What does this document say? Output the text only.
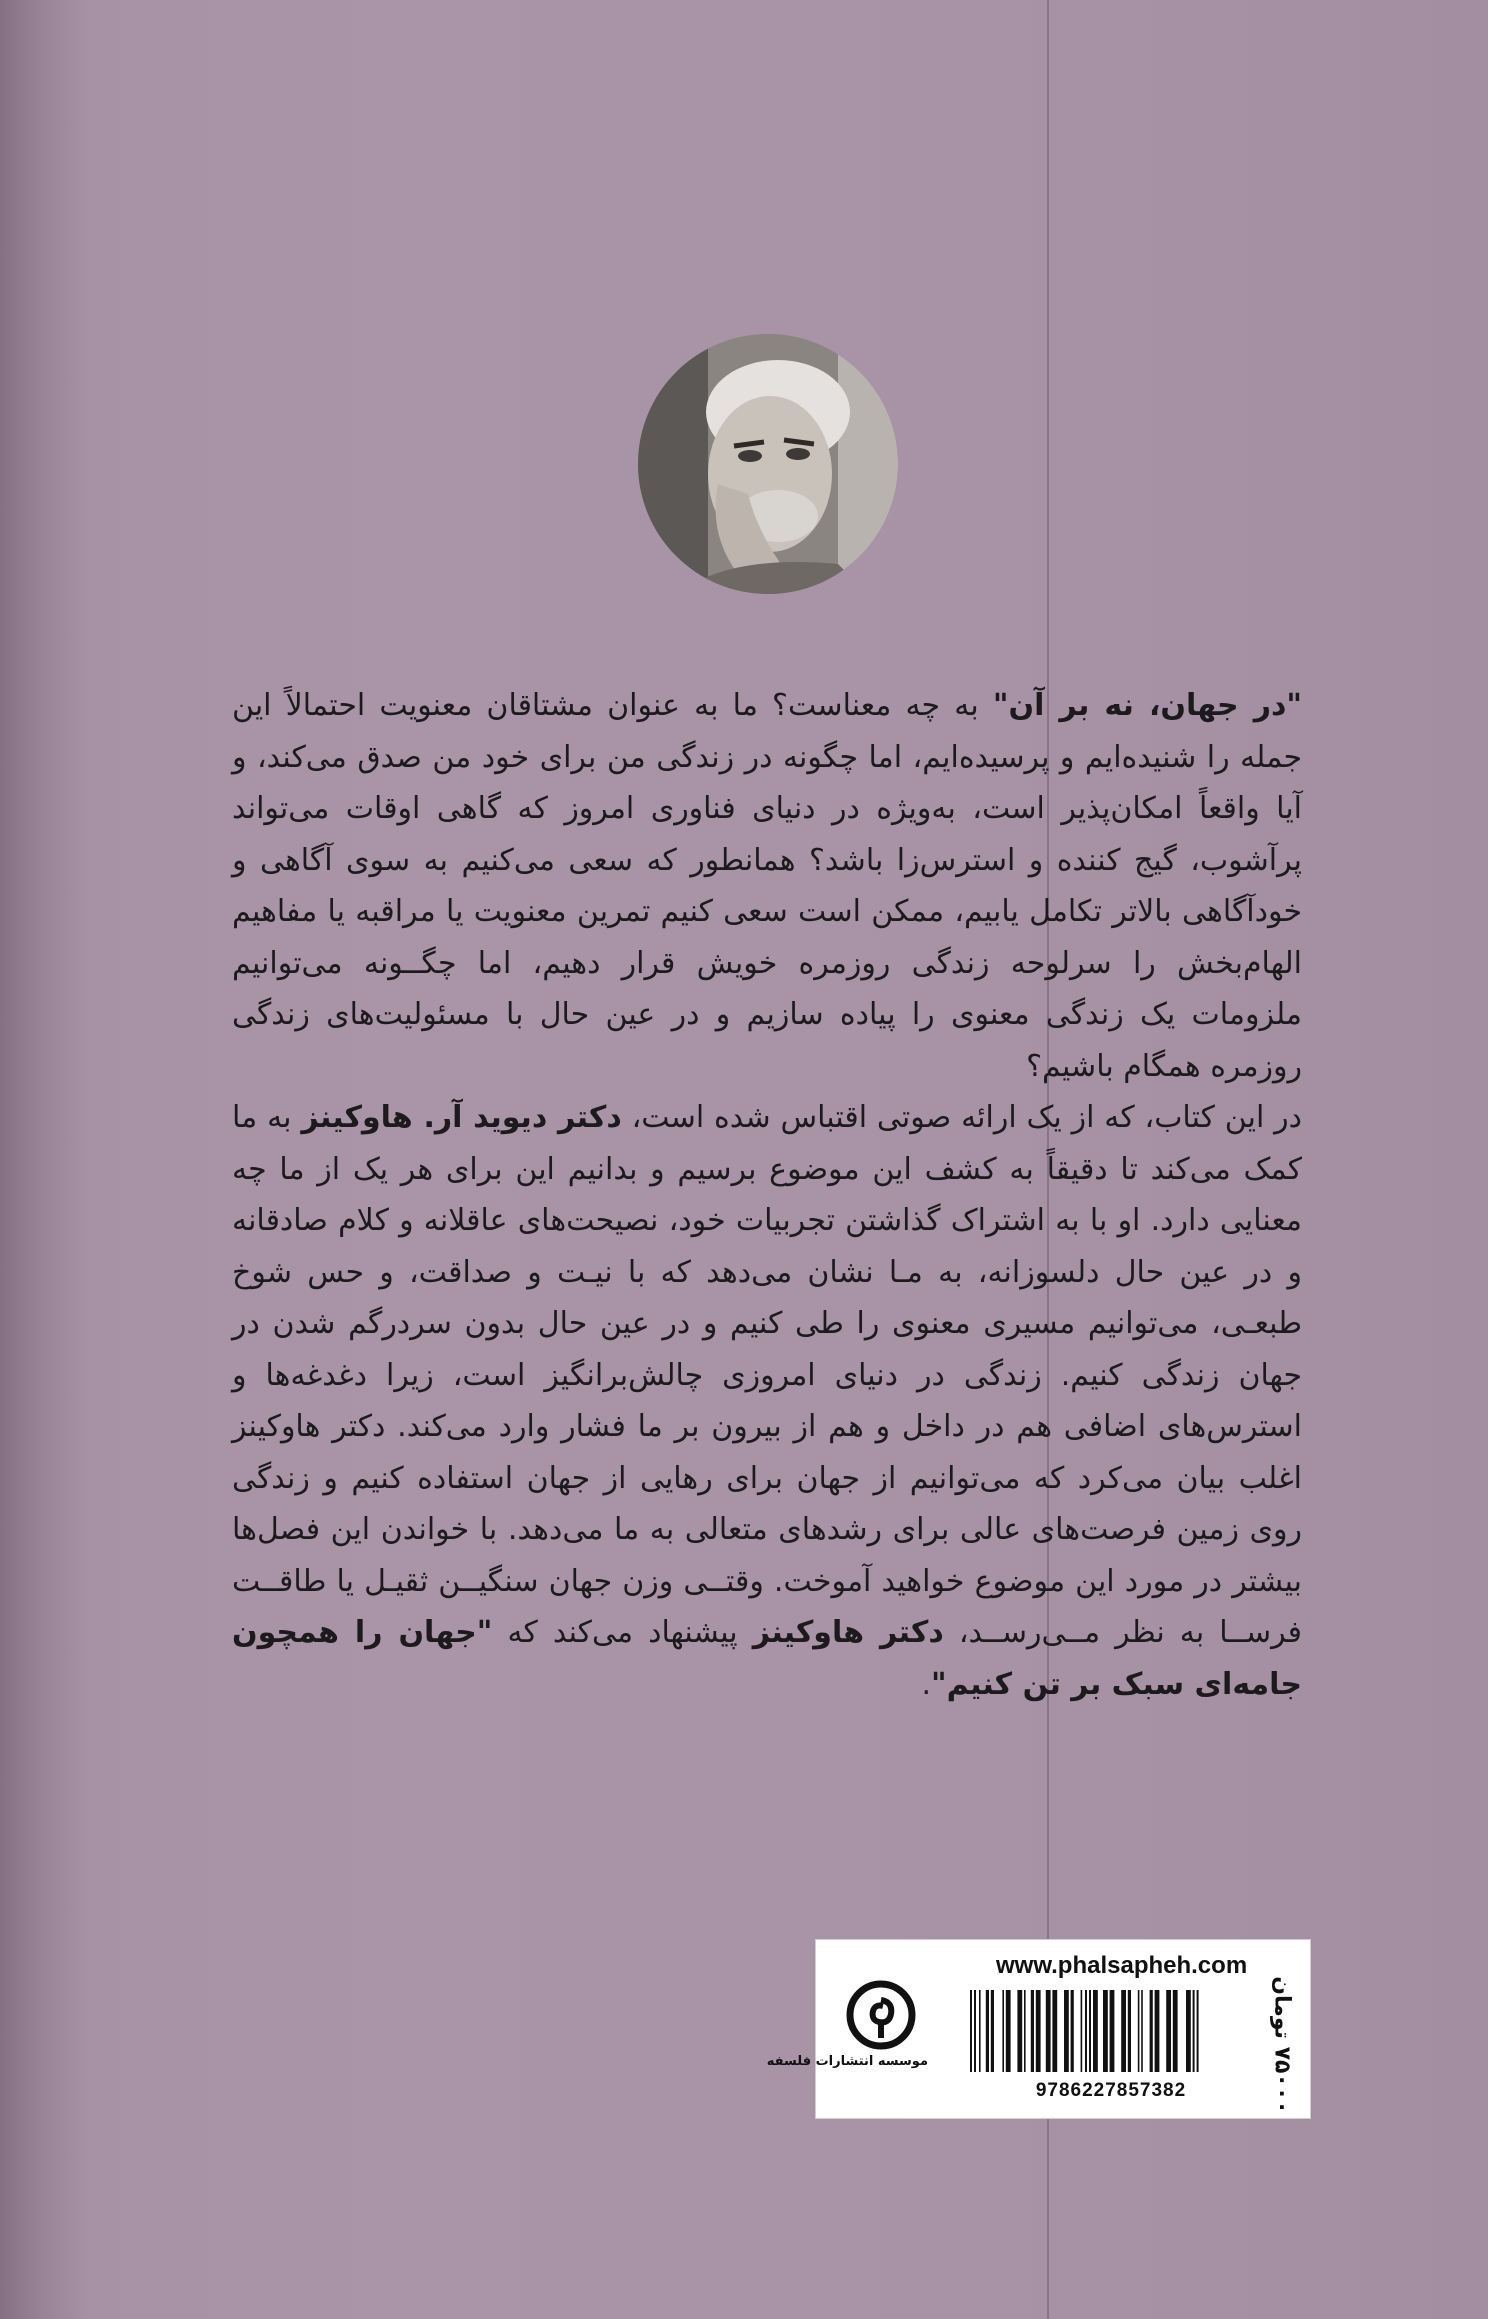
"در جهان، نه بر آن" به چه معناست؟ ما به عنوان مشتاقان معنویت احتمالاً این جمله را شنیده‌ایم و پرسیده‌ایم، اما چگونه در زندگی من برای خود من صدق می‌کند، و آیا واقعاً امکان‌پذیر است، به‌ویژه در دنیای فناوری امروز که گاهی اوقات می‌تواند پرآشوب، گیج کننده و استرس‌زا باشد؟ همانطور که سعی می‌کنیم به سوی آگاهی و خودآگاهی بالاتر تکامل یابیم، ممکن است سعی کنیم تمرین معنویت یا مراقبه یا مفاهیم الهام‌بخش را سرلوحه زندگی روزمره خویش قرار دهیم، اما چگــونه می‌توانیم ملزومات یک زندگی معنوی را پیاده سازیم و در عین حال با مسئولیت‌های زندگی روزمره همگام باشیم؟

در این کتاب، که از یک ارائه صوتی اقتباس شده است، دکتر دیوید آر. هاوکینز به ما کمک می‌کند تا دقیقاً به کشف این موضوع برسیم و بدانیم این برای هر یک از ما چه معنایی دارد. او با به اشتراک گذاشتن تجربیات خود، نصیحت‌های عاقلانه و کلام صادقانه و در عین حال دلسوزانه، به مـا نشان می‌دهد که با نیـت و صداقت، و حس شوخ طبعـی، می‌توانیم مسیری معنوی را طی کنیم و در عین حال بدون سردرگم شدن در جهان زندگی کنیم. زندگی در دنیای امروزی چالش‌برانگیز است، زیرا دغدغه‌ها و استرس‌های اضافی هم در داخل و هم از بیرون بر ما فشار وارد می‌کند. دکتر هاوکینز اغلب بیان می‌کرد که می‌توانیم از جهان برای رهایی از جهان استفاده کنیم و زندگی روی زمین فرصت‌های عالی برای رشدهای متعالی به ما می‌دهد. با خواندن این فصل‌ها بیشتر در مورد این موضوع خواهید آموخت. وقتــی وزن جهان سنگیــن ثقیـل یا طاقــت فرســا به نظر مــی‌رســد، دکتر هاوکینز پیشنهاد می‌کند که "جهان را همچون جامه‌ای سبک بر تن کنیم".

www.phalsapheh.com
موسسه انتشارات فلسفه
9786227857382
۷۵۰۰۰ تومان
